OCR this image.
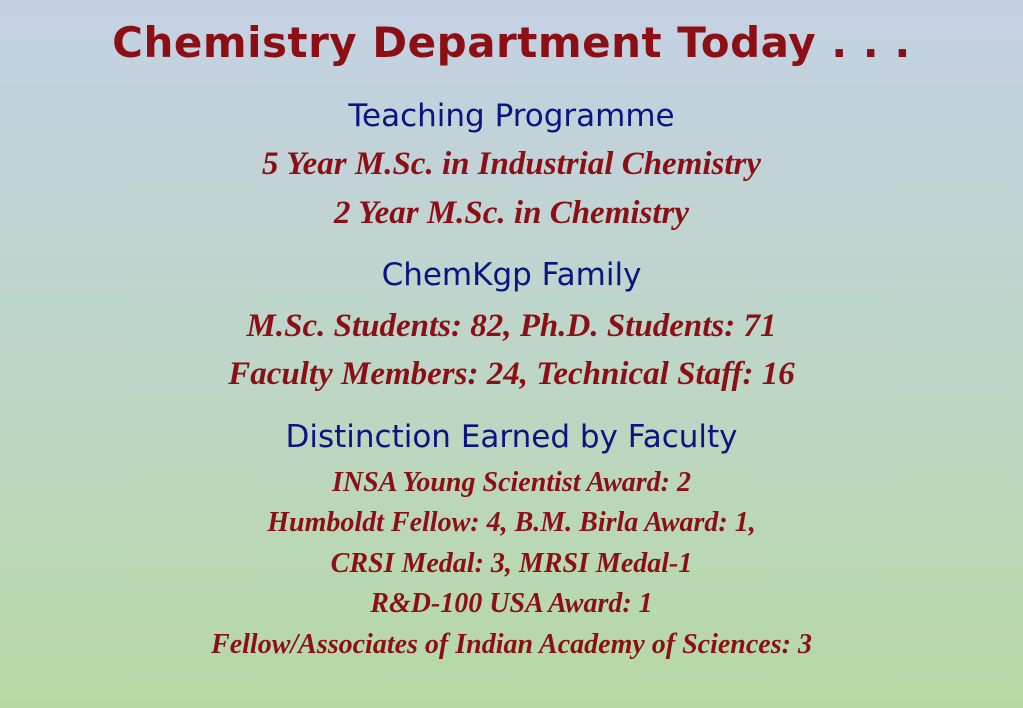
Chemistry Department Today . . .
Teaching Programme

5 Year M.Sc. in Industrial Chemistry

2 Year M.Sc. in Chemistry

ChemKgp Family

M.Sc. Students: 82, Ph.D. Students: 71

Faculty Members: 24, Technical Staff: 16

Distinction Earned by Faculty

INSA Young Scientist Award: 2

Humboldt Fellow: 4, B.M. Birla Award: 1,

CRSI Medal: 3, MRSI Medal-1

R&D-100 USA Award: 1

Fellow/Associates of Indian Academy of Sciences: 3
